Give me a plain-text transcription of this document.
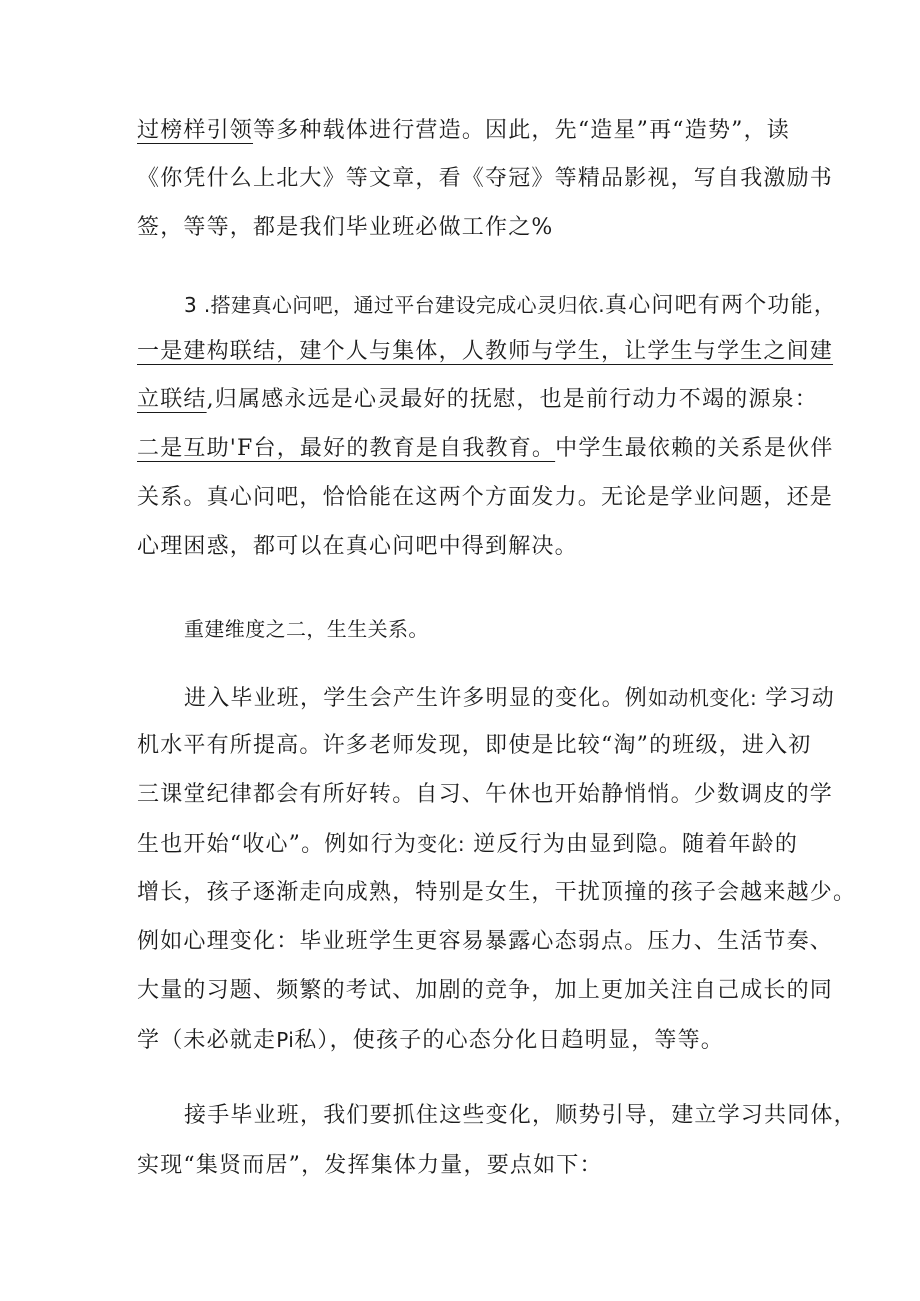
过榜样引领等多种载体进行营造。因此，先“造星”再“造势”，读
《你凭什么上北大》等文章，看《夺冠》等精品影视，写自我激励书
签，等等，都是我们毕业班必做工作之%
3 .搭建真心问吧，通过平台建设完成心灵归依.真心问吧有两个功能，
一是建构联结，建个人与集体，人教师与学生，让学生与学生之间建
立联结,归属感永远是心灵最好的抚慰，也是前行动力不竭的源泉：
二是互助'F台，最好的教育是自我教育。中学生最依赖的关系是伙伴
关系。真心问吧，恰恰能在这两个方面发力。无论是学业问题，还是
心理困惑，都可以在真心问吧中得到解决。
重建维度之二，生生关系。
进入毕业班，学生会产生许多明显的变化。例如动机变化: 学习动
机水平有所提高。许多老师发现，即使是比较“淘”的班级，进入初
三课堂纪律都会有所好转。自习、午休也开始静悄悄。少数调皮的学
生也开始“收心”。例如行为变化: 逆反行为由显到隐。随着年龄的
增长，孩子逐渐走向成熟，特别是女生，干扰顶撞的孩子会越来越少。
例如心理变化：毕业班学生更容易暴露心态弱点。压力、生活节奏、
大量的习题、频繁的考试、加剧的竞争，加上更加关注自己成长的同
学（未必就走Pi私），使孩子的心态分化日趋明显，等等。
接手毕业班，我们要抓住这些变化，顺势引导，建立学习共同体，
实现“集贤而居”，发挥集体力量，要点如下：
